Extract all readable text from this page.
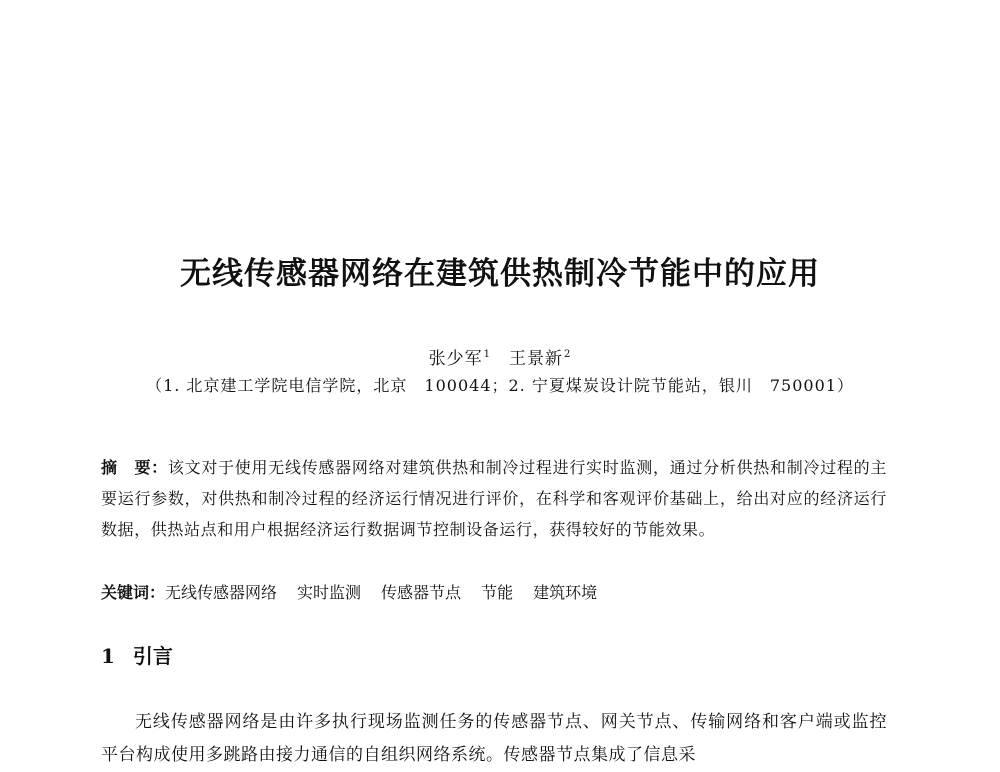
无线传感器网络在建筑供热制冷节能中的应用
张少军$^1$ 王景新$^2$
（1. 北京建工学院电信学院，北京　100044；2. 宁夏煤炭设计院节能站，银川　750001）
摘　要：该文对于使用无线传感器网络对建筑供热和制冷过程进行实时监测，通过分析供热和制冷过程的主要运行参数，对供热和制冷过程的经济运行情况进行评价，在科学和客观评价基础上，给出对应的经济运行数据，供热站点和用户根据经济运行数据调节控制设备运行，获得较好的节能效果。
关键词：无线传感器网络 实时监测 传感器节点 节能 建筑环境
1 引言
无线传感器网络是由许多执行现场监测任务的传感器节点、网关节点、传输网络和客户端或监控平台构成使用多跳路由接力通信的自组织网络系统。传感器节点集成了信息采
